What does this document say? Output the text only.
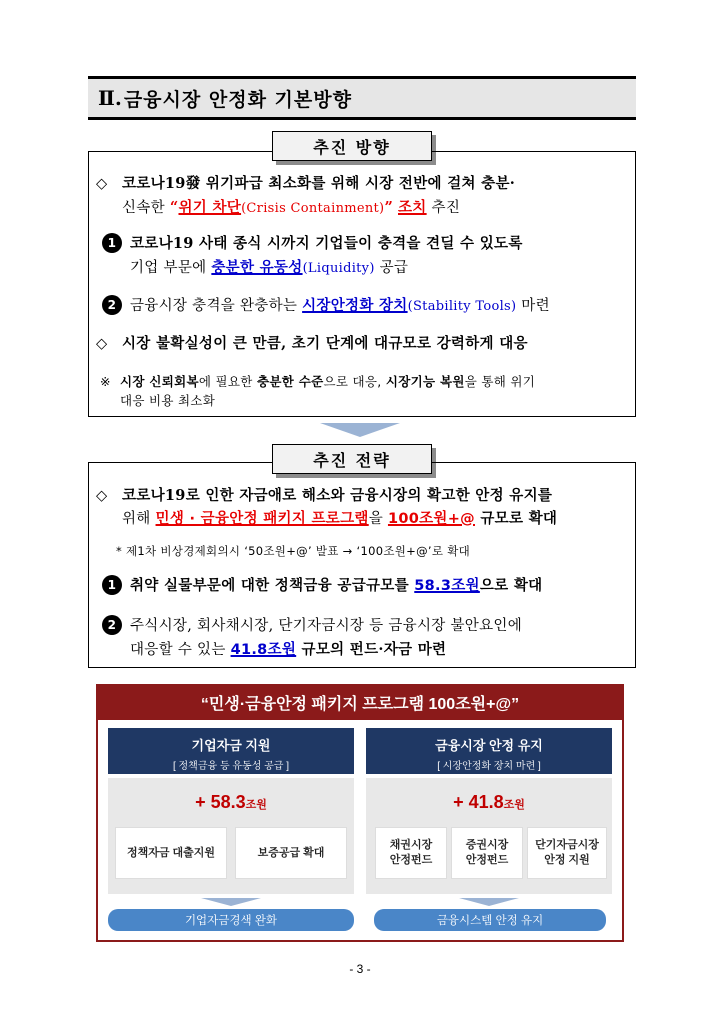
Ⅱ. 금융시장 안정화 기본방향
추진 방향
◇ 코로나19發 위기파급 최소화를 위해 시장 전반에 걸쳐 충분·
신속한 “위기 차단(Crisis Containment)” 조치 추진
1 코로나19 사태 종식 시까지 기업들이 충격을 견딜 수 있도록
기업 부문에 충분한 유동성(Liquidity) 공급
2 금융시장 충격을 완충하는 시장안정화 장치(Stability Tools) 마련
◇ 시장 불확실성이 큰 만큼, 초기 단계에 대규모로 강력하게 대응
※ 시장 신뢰회복에 필요한 충분한 수준으로 대응, 시장기능 복원을 통해 위기
대응 비용 최소화
추진 전략
◇ 코로나19로 인한 자금애로 해소와 금융시장의 확고한 안정 유지를
위해 민생 · 금융안정 패키지 프로그램을 100조원+@ 규모로 확대
* 제1차 비상경제회의시 ‘50조원+@’ 발표 → ‘100조원+@’로 확대
1 취약 실물부문에 대한 정책금융 공급규모를 58.3조원으로 확대
2 주식시장, 회사채시장, 단기자금시장 등 금융시장 불안요인에
대응할 수 있는 41.8조원 규모의 펀드·자금 마련
“민생·금융안정 패키지 프로그램 100조원+@”
기업자금 지원
[ 정책금융 등 유동성 공급 ]
+ 58.3조원
정책자금 대출지원	보증공급 확대
기업자금경색 완화
금융시장 안정 유지
[ 시장안정화 장치 마련 ]
+ 41.8조원
채권시장
안정펀드
증권시장
안정펀드
단기자금시장
안정 지원
금융시스템 안정 유지
- 3 -
